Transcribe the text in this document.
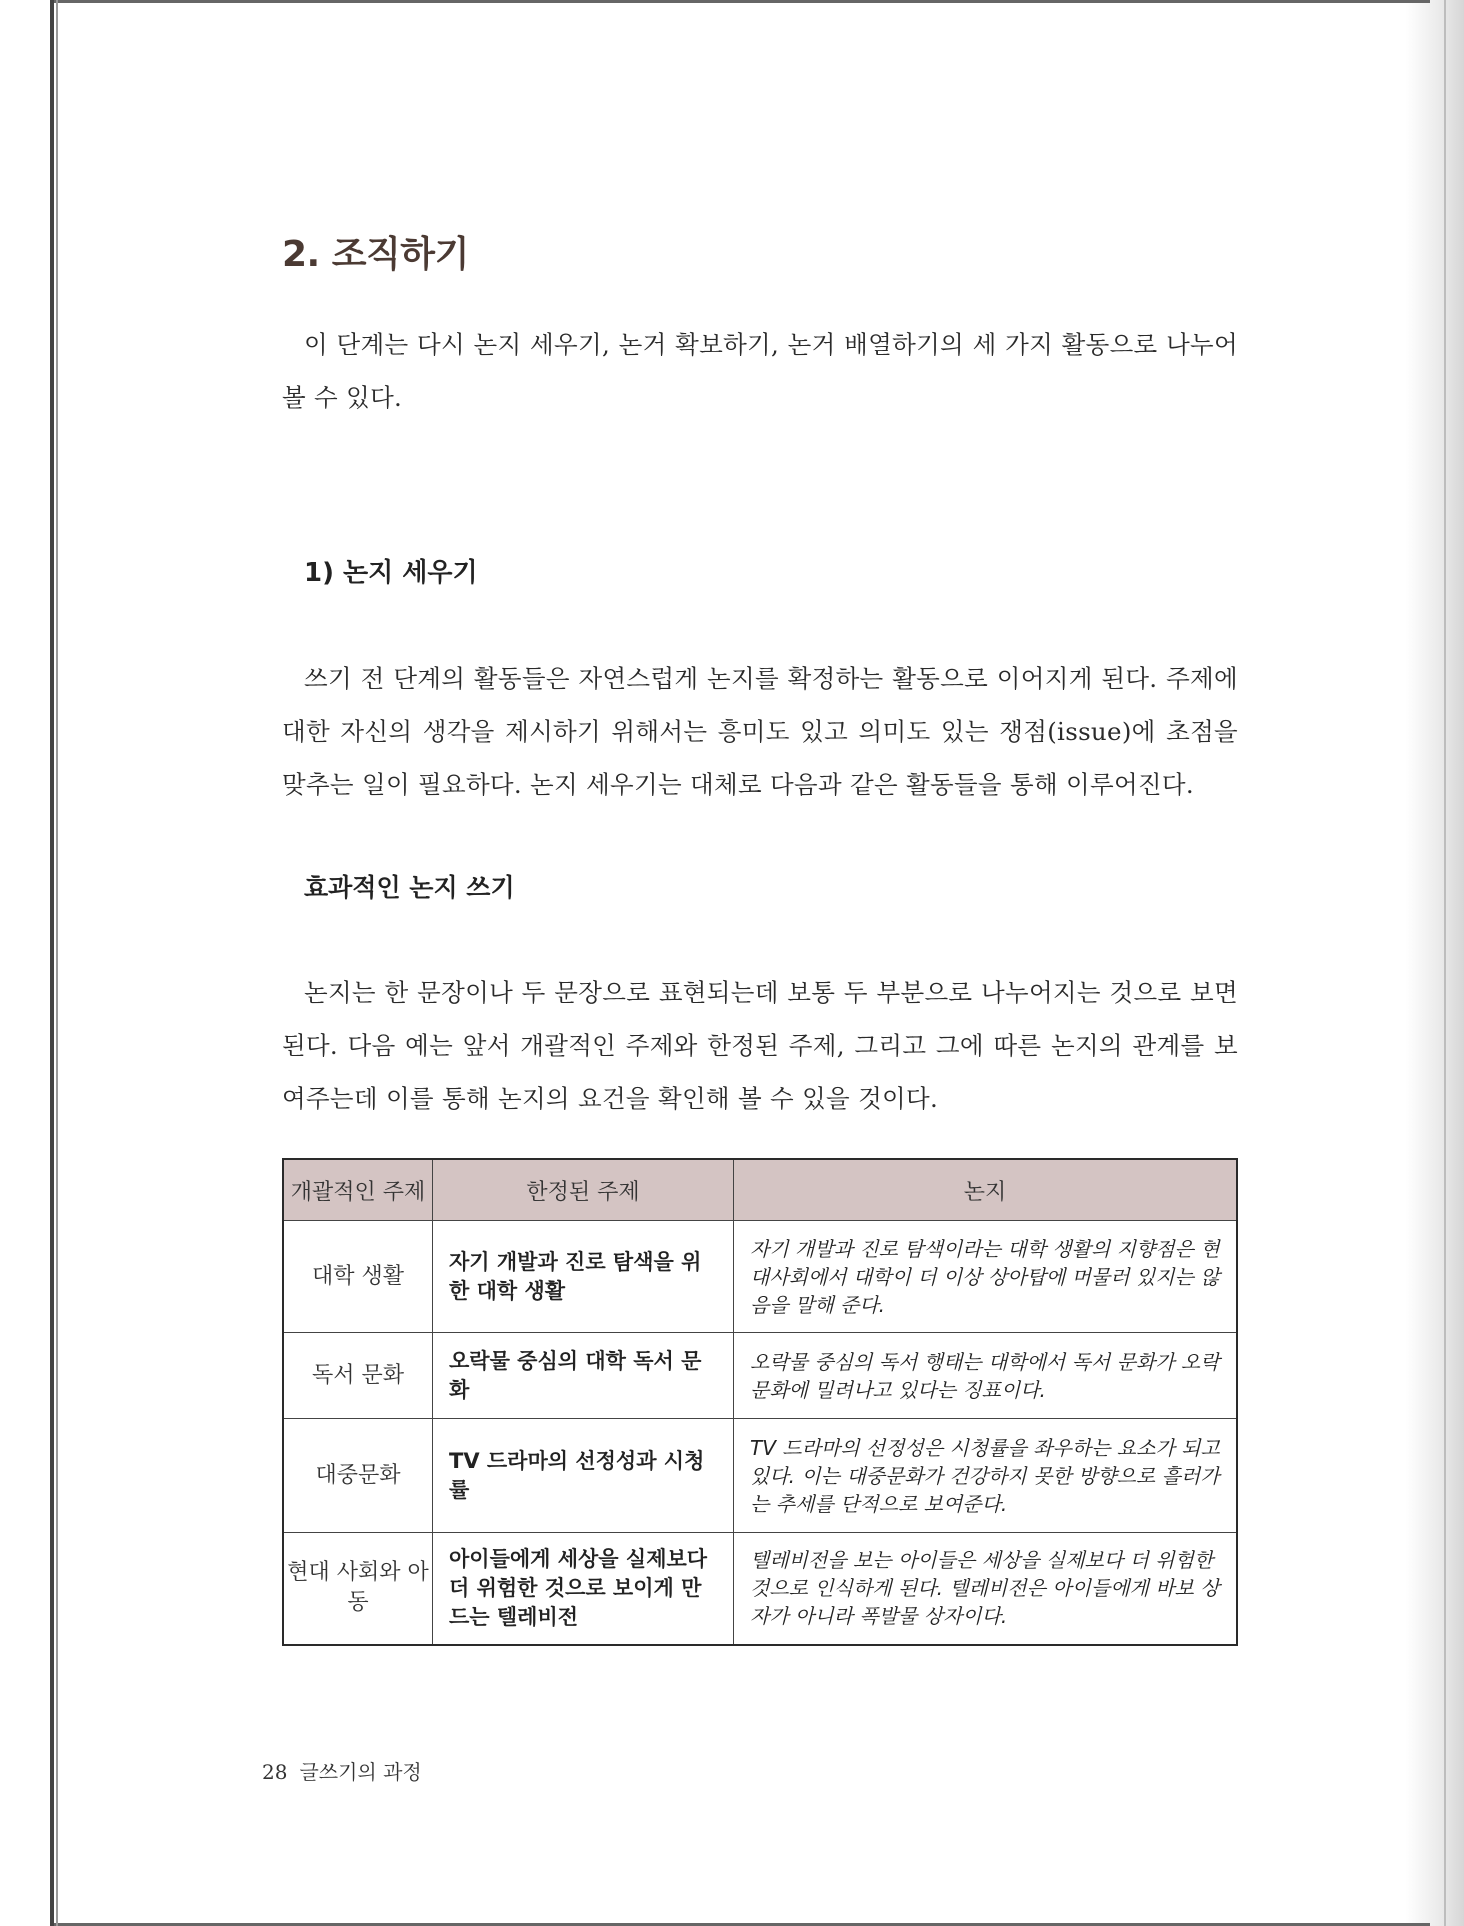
2. 조직하기

이 단계는 다시 논지 세우기, 논거 확보하기, 논거 배열하기의 세 가지 활동으로 나누어 볼 수 있다.

1) 논지 세우기

쓰기 전 단계의 활동들은 자연스럽게 논지를 확정하는 활동으로 이어지게 된다. 주제에 대한 자신의 생각을 제시하기 위해서는 흥미도 있고 의미도 있는 쟁점(issue)에 초점을 맞추는 일이 필요하다. 논지 세우기는 대체로 다음과 같은 활동들을 통해 이루어진다.

효과적인 논지 쓰기

논지는 한 문장이나 두 문장으로 표현되는데 보통 두 부분으로 나누어지는 것으로 보면 된다. 다음 예는 앞서 개괄적인 주제와 한정된 주제, 그리고 그에 따른 논지의 관계를 보여주는데 이를 통해 논지의 요건을 확인해 볼 수 있을 것이다.

개괄적인 주제	한정된 주제	논지
대학 생활	자기 개발과 진로 탐색을 위한 대학 생활	자기 개발과 진로 탐색이라는 대학 생활의 지향점은 현대사회에서 대학이 더 이상 상아탑에 머물러 있지는 않음을 말해 준다.
독서 문화	오락물 중심의 대학 독서 문화	오락물 중심의 독서 행태는 대학에서 독서 문화가 오락 문화에 밀려나고 있다는 징표이다.
대중문화	TV 드라마의 선정성과 시청률	TV 드라마의 선정성은 시청률을 좌우하는 요소가 되고 있다. 이는 대중문화가 건강하지 못한 방향으로 흘러가는 추세를 단적으로 보여준다.
현대 사회와 아동	아이들에게 세상을 실제보다 더 위험한 것으로 보이게 만드는 텔레비전	텔레비전을 보는 아이들은 세상을 실제보다 더 위험한 것으로 인식하게 된다. 텔레비전은 아이들에게 바보 상자가 아니라 폭발물 상자이다.
28 글쓰기의 과정
